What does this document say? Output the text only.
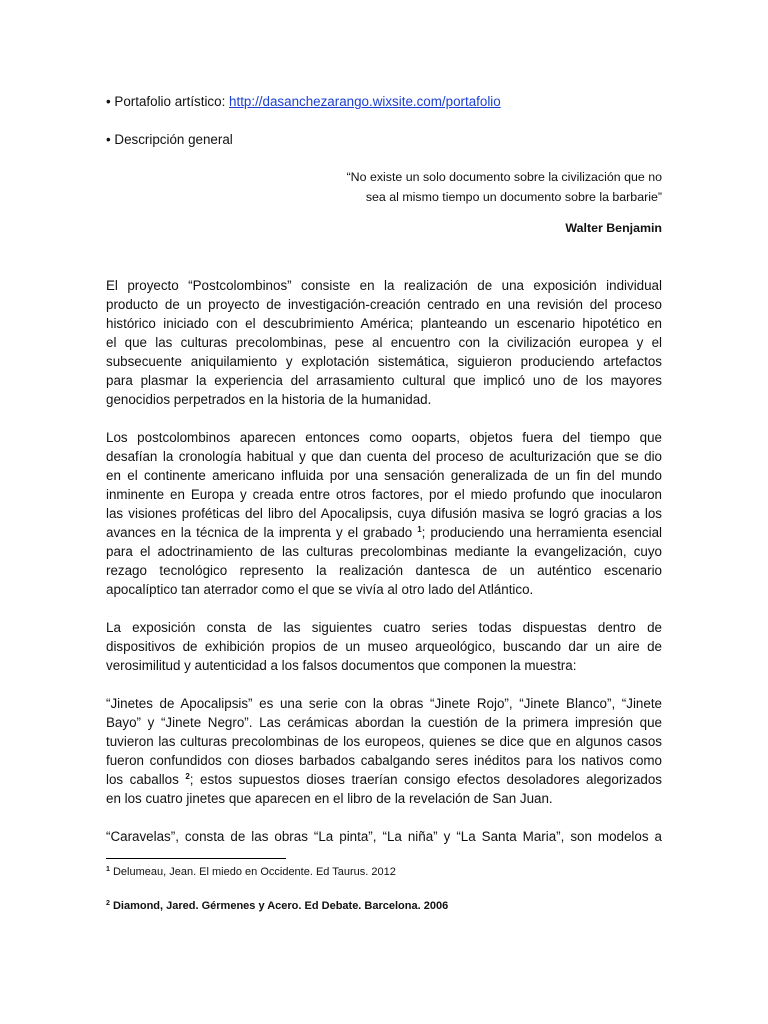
• Portafolio artístico: http://dasanchezarango.wixsite.com/portafolio
• Descripción general
“No existe un solo documento sobre la civilización que no
sea al mismo tiempo un documento sobre la barbarie”
Walter Benjamin
El proyecto “Postcolombinos” consiste en la realización de una exposición individual
producto de un proyecto de investigación-creación centrado en una revisión del proceso
histórico iniciado con el descubrimiento América; planteando un escenario hipotético en
el que las culturas precolombinas, pese al encuentro con la civilización europea y el
subsecuente aniquilamiento y explotación sistemática, siguieron produciendo artefactos
para plasmar la experiencia del arrasamiento cultural que implicó uno de los mayores
genocidios perpetrados en la historia de la humanidad.
Los postcolombinos aparecen entonces como ooparts, objetos fuera del tiempo que
desafían la cronología habitual y que dan cuenta del proceso de aculturización que se dio
en el continente americano influida por una sensación generalizada de un fin del mundo
inminente en Europa y creada entre otros factores, por el miedo profundo que inocularon
las visiones proféticas del libro del Apocalipsis, cuya difusión masiva se logró gracias a los
avances en la técnica de la imprenta y el grabado $^1$; produciendo una herramienta esencial
para el adoctrinamiento de las culturas precolombinas mediante la evangelización, cuyo
rezago tecnológico represento la realización dantesca de un auténtico escenario
apocalíptico tan aterrador como el que se vivía al otro lado del Atlántico.
La exposición consta de las siguientes cuatro series todas dispuestas dentro de
dispositivos de exhibición propios de un museo arqueológico, buscando dar un aire de
verosimilitud y autenticidad a los falsos documentos que componen la muestra:
“Jinetes de Apocalipsis” es una serie con la obras “Jinete Rojo”, “Jinete Blanco”, “Jinete
Bayo” y “Jinete Negro”. Las cerámicas abordan la cuestión de la primera impresión que
tuvieron las culturas precolombinas de los europeos, quienes se dice que en algunos casos
fueron confundidos con dioses barbados cabalgando seres inéditos para los nativos como
los caballos $^2$; estos supuestos dioses traerían consigo efectos desoladores alegorizados
en los cuatro jinetes que aparecen en el libro de la revelación de San Juan.
“Caravelas”, consta de las obras “La pinta”, “La niña” y “La Santa Maria”, son modelos a
$^1$ Delumeau, Jean. El miedo en Occidente. Ed Taurus. 2012
$^2$ Diamond, Jared. Gérmenes y Acero. Ed Debate. Barcelona. 2006
